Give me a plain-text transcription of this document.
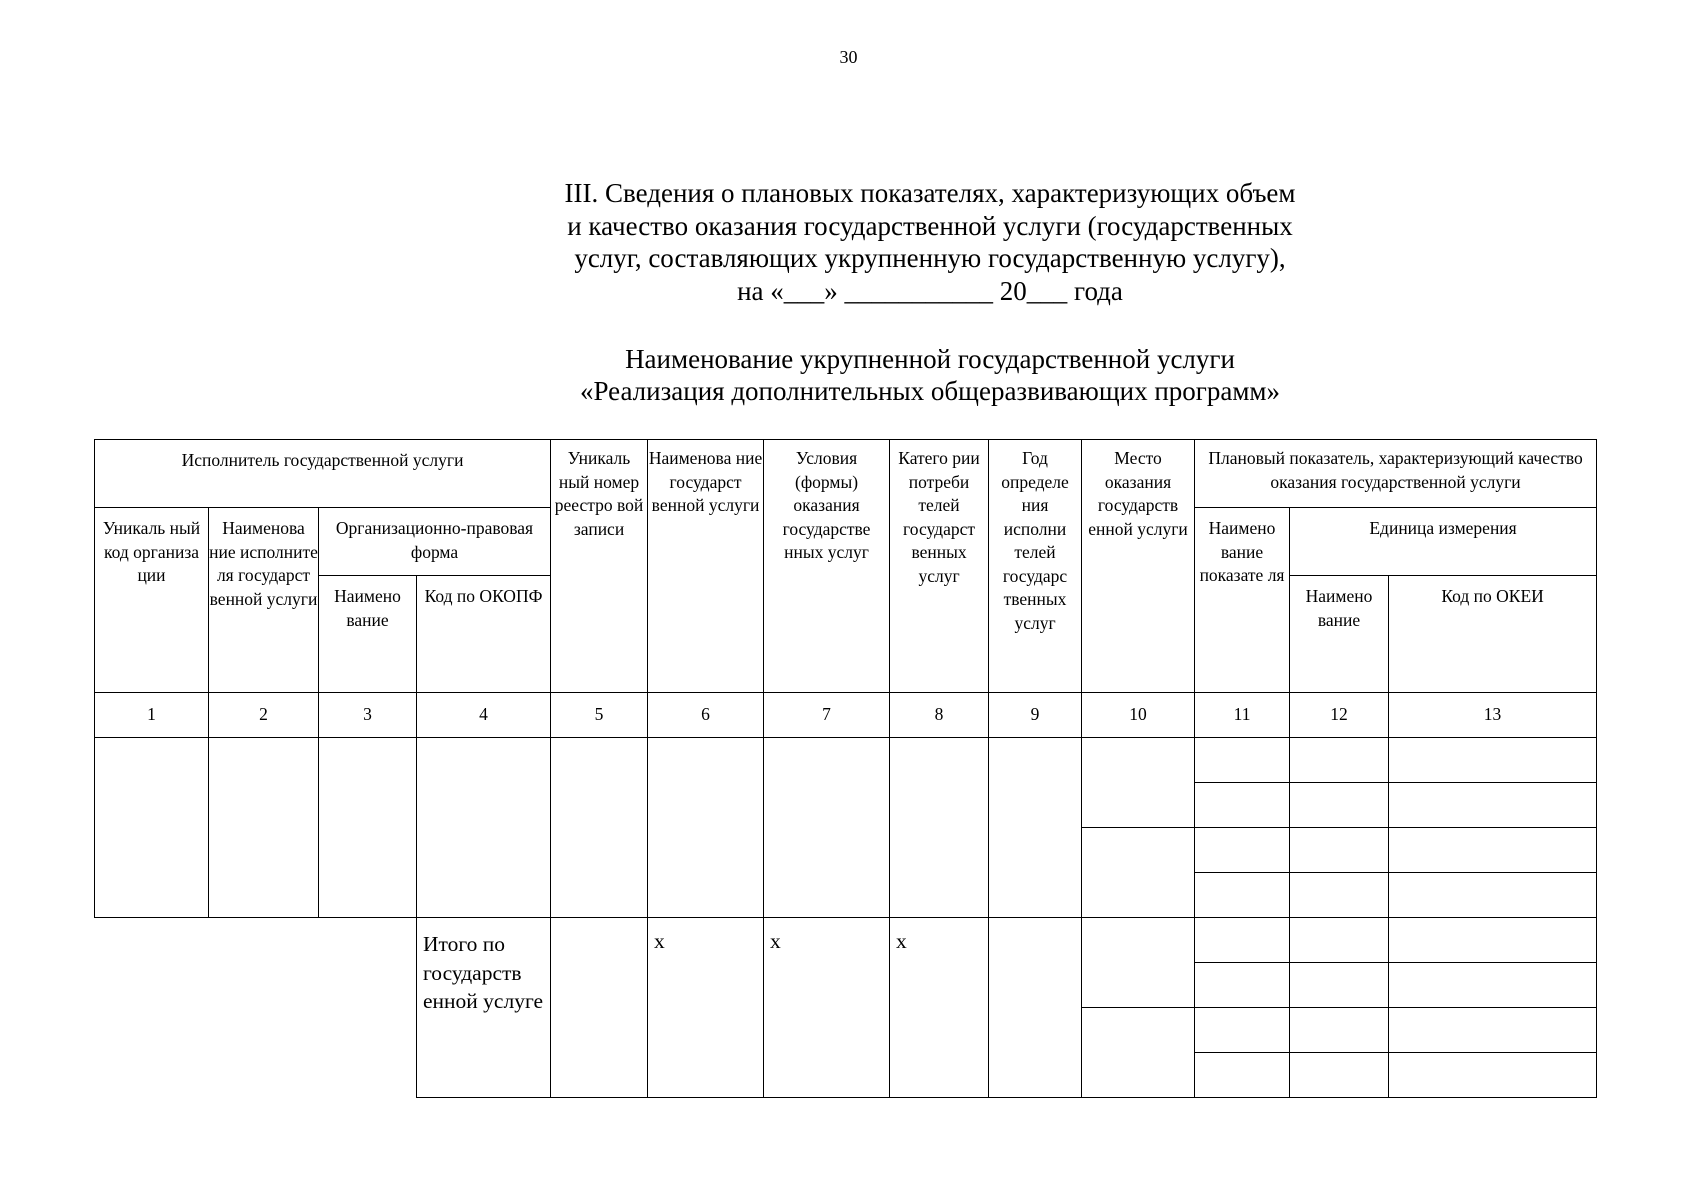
30
III. Сведения о плановых показателях, характеризующих объем
и качество оказания государственной услуги (государственных
услуг, составляющих укрупненную государственную услугу),
на «___» ___________ 20___ года
Наименование укрупненной государственной услуги
«Реализация дополнительных общеразвивающих программ»
Исполнитель государственной услуги				Уникаль ный номер реестро вой записи	Наименова ние государст венной услуги	Условия (формы) оказания государстве нных услуг	Катего рии потреби телей государст венных услуг	Год определе ния исполни телей государс твенных услуг	Место оказания государств енной услуги	Плановый показатель, характеризующий качество оказания государственной услуги		
Уникаль ный код организа ции	Наименова ние исполните ля государст венной услуги	Организационно-правовая форма								Наимено вание показате ля	Единица измерения	
		Наимено вание	Код по ОКОПФ								Наимено вание	Код по ОКЕИ
1	2	3	4	5	6	7	8	9	10	11	12	13

			Итого по государств енной услуге		x	x	x					
